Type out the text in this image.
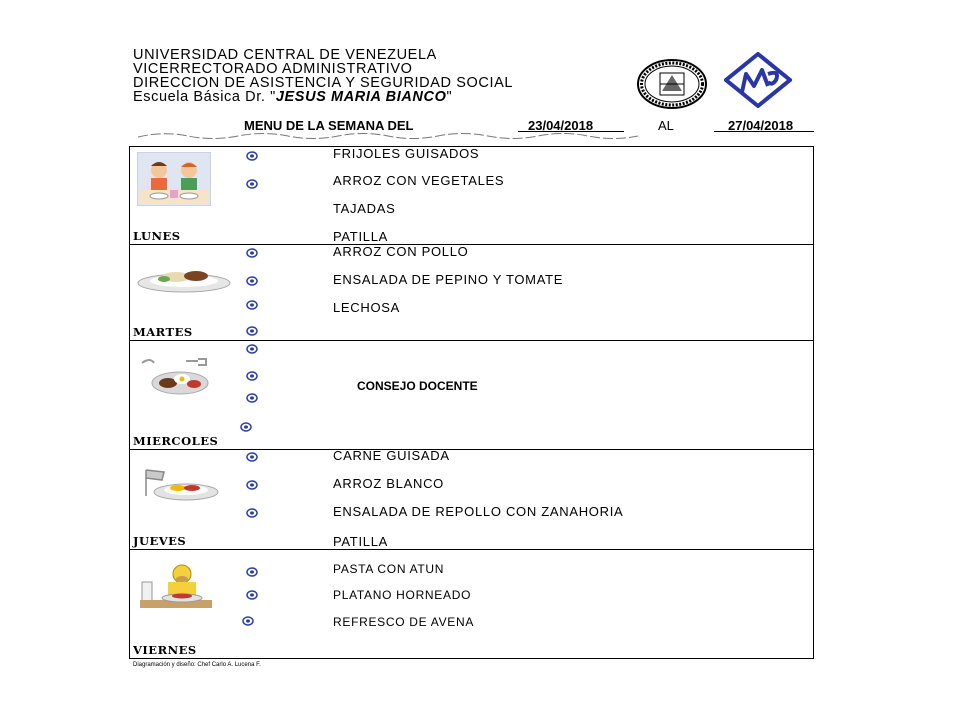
UNIVERSIDAD CENTRAL DE VENEZUELA
VICERRECTORADO ADMINISTRATIVO
DIRECCION DE ASISTENCIA Y SEGURIDAD SOCIAL
Escuela Básica Dr. "JESUS MARIA BIANCO"
MENU DE LA SEMANA DEL	23/04/2018	AL	27/04/2018
LUNES
FRIJOLES GUISADOS
ARROZ CON VEGETALES
TAJADAS
PATILLA
MARTES
ARROZ CON POLLO
ENSALADA DE PEPINO Y TOMATE
LECHOSA
MIERCOLES
CONSEJO DOCENTE
JUEVES
CARNE GUISADA
ARROZ BLANCO
ENSALADA DE REPOLLO CON ZANAHORIA
PATILLA
VIERNES
PASTA CON ATUN
PLATANO HORNEADO
REFRESCO DE AVENA
Diagramación y diseño: Chef Carlo A. Lucena F.
